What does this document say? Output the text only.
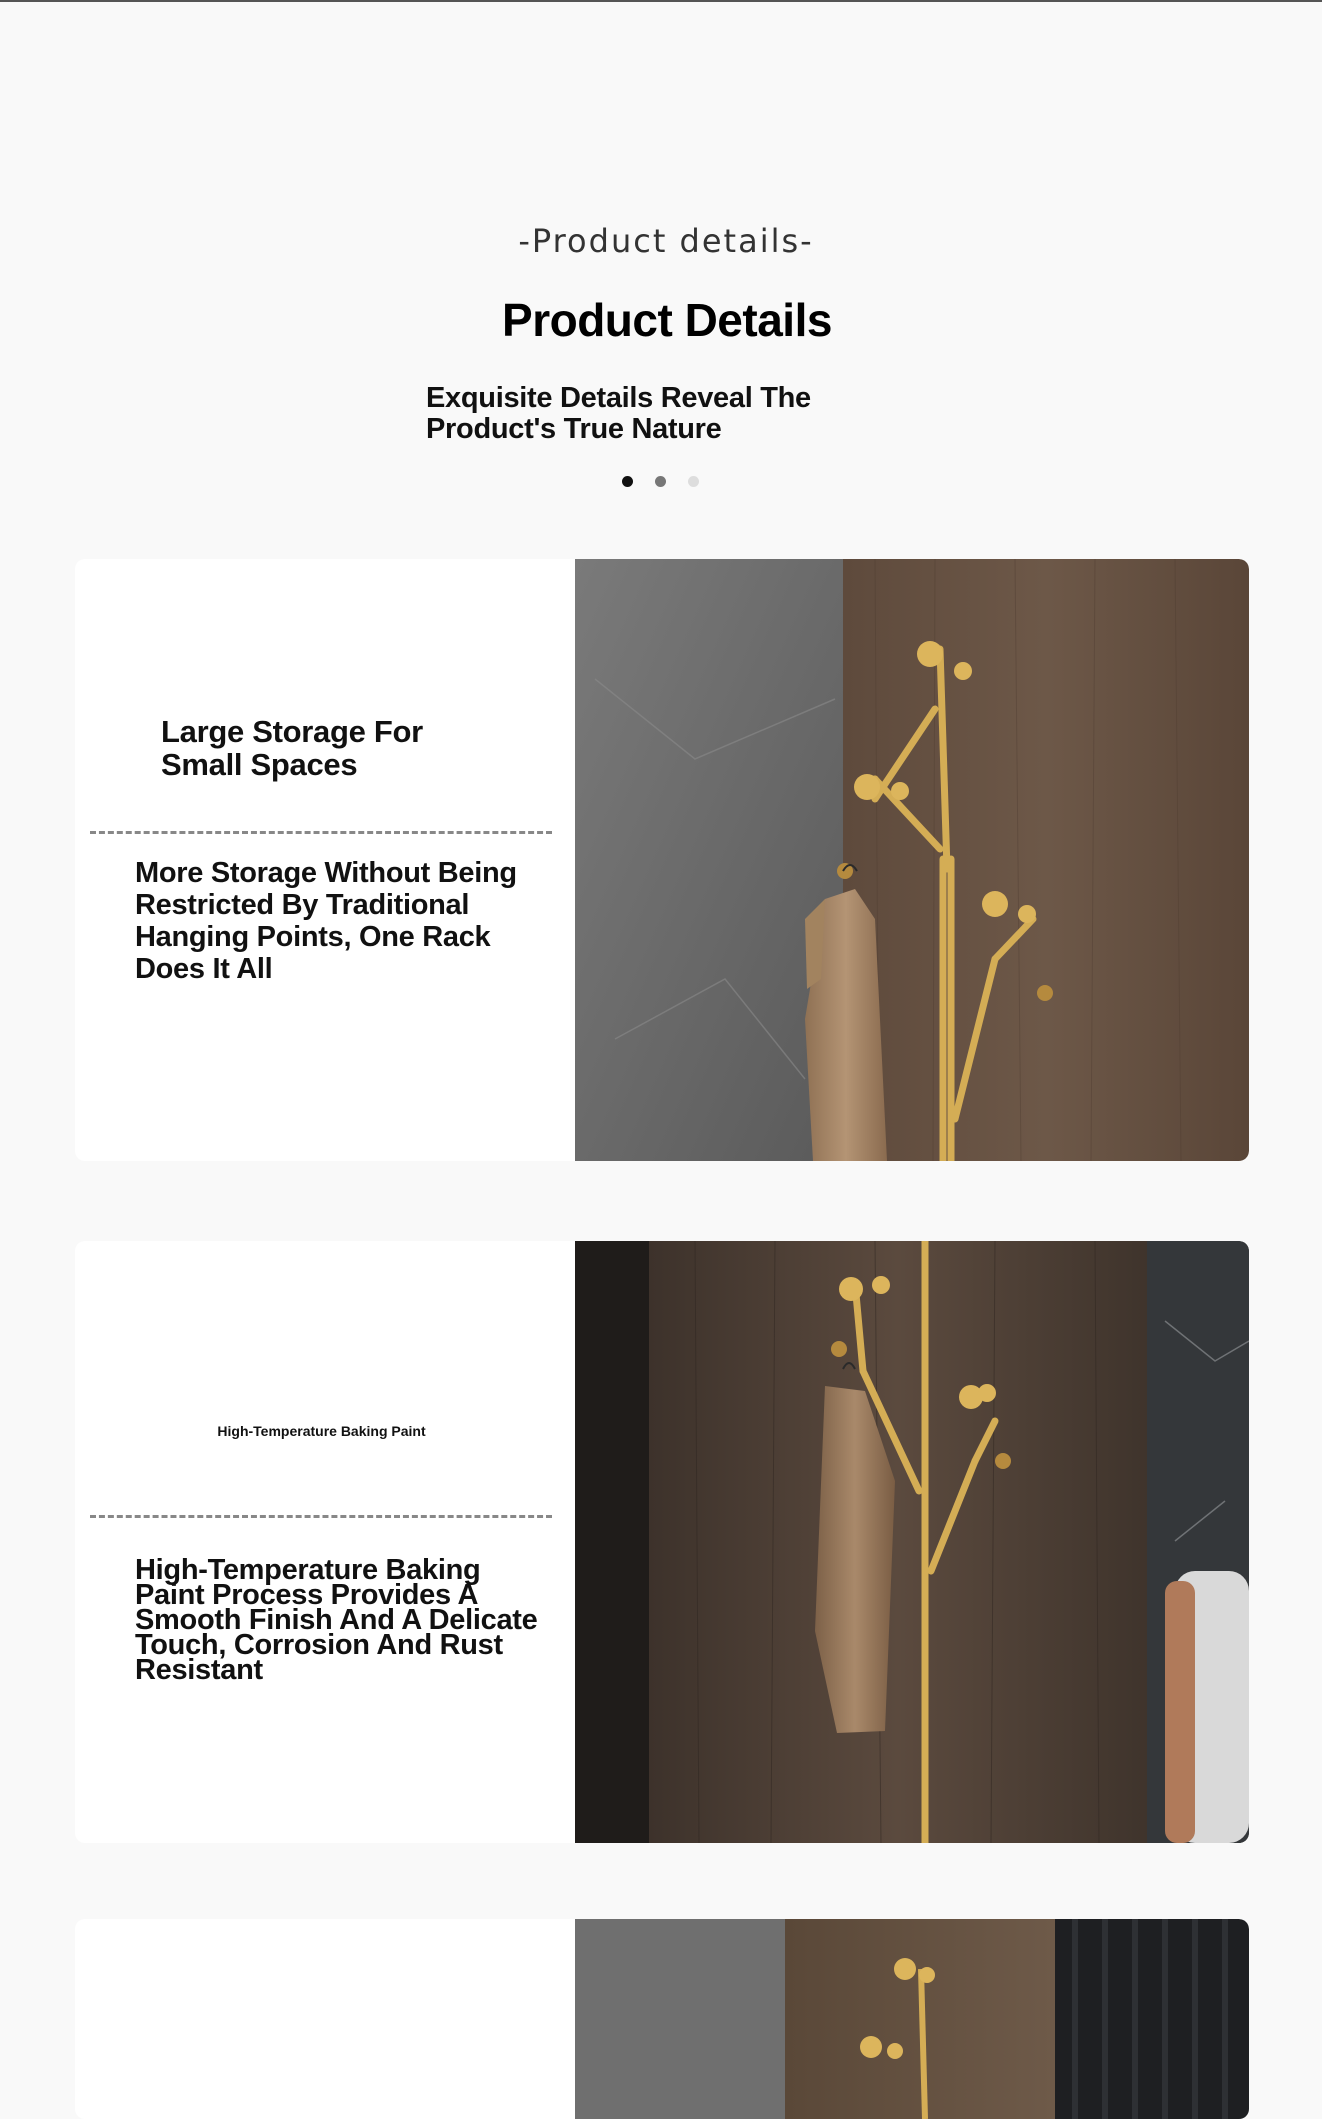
-Product details-
Product Details
Exquisite Details Reveal The Product's True Nature
Large Storage For Small Spaces
More Storage Without Being Restricted By Traditional Hanging Points, One Rack Does It All
High-Temperature Baking Paint
High-Temperature Baking Paint Process Provides A Smooth Finish And A Delicate Touch, Corrosion And Rust Resistant
